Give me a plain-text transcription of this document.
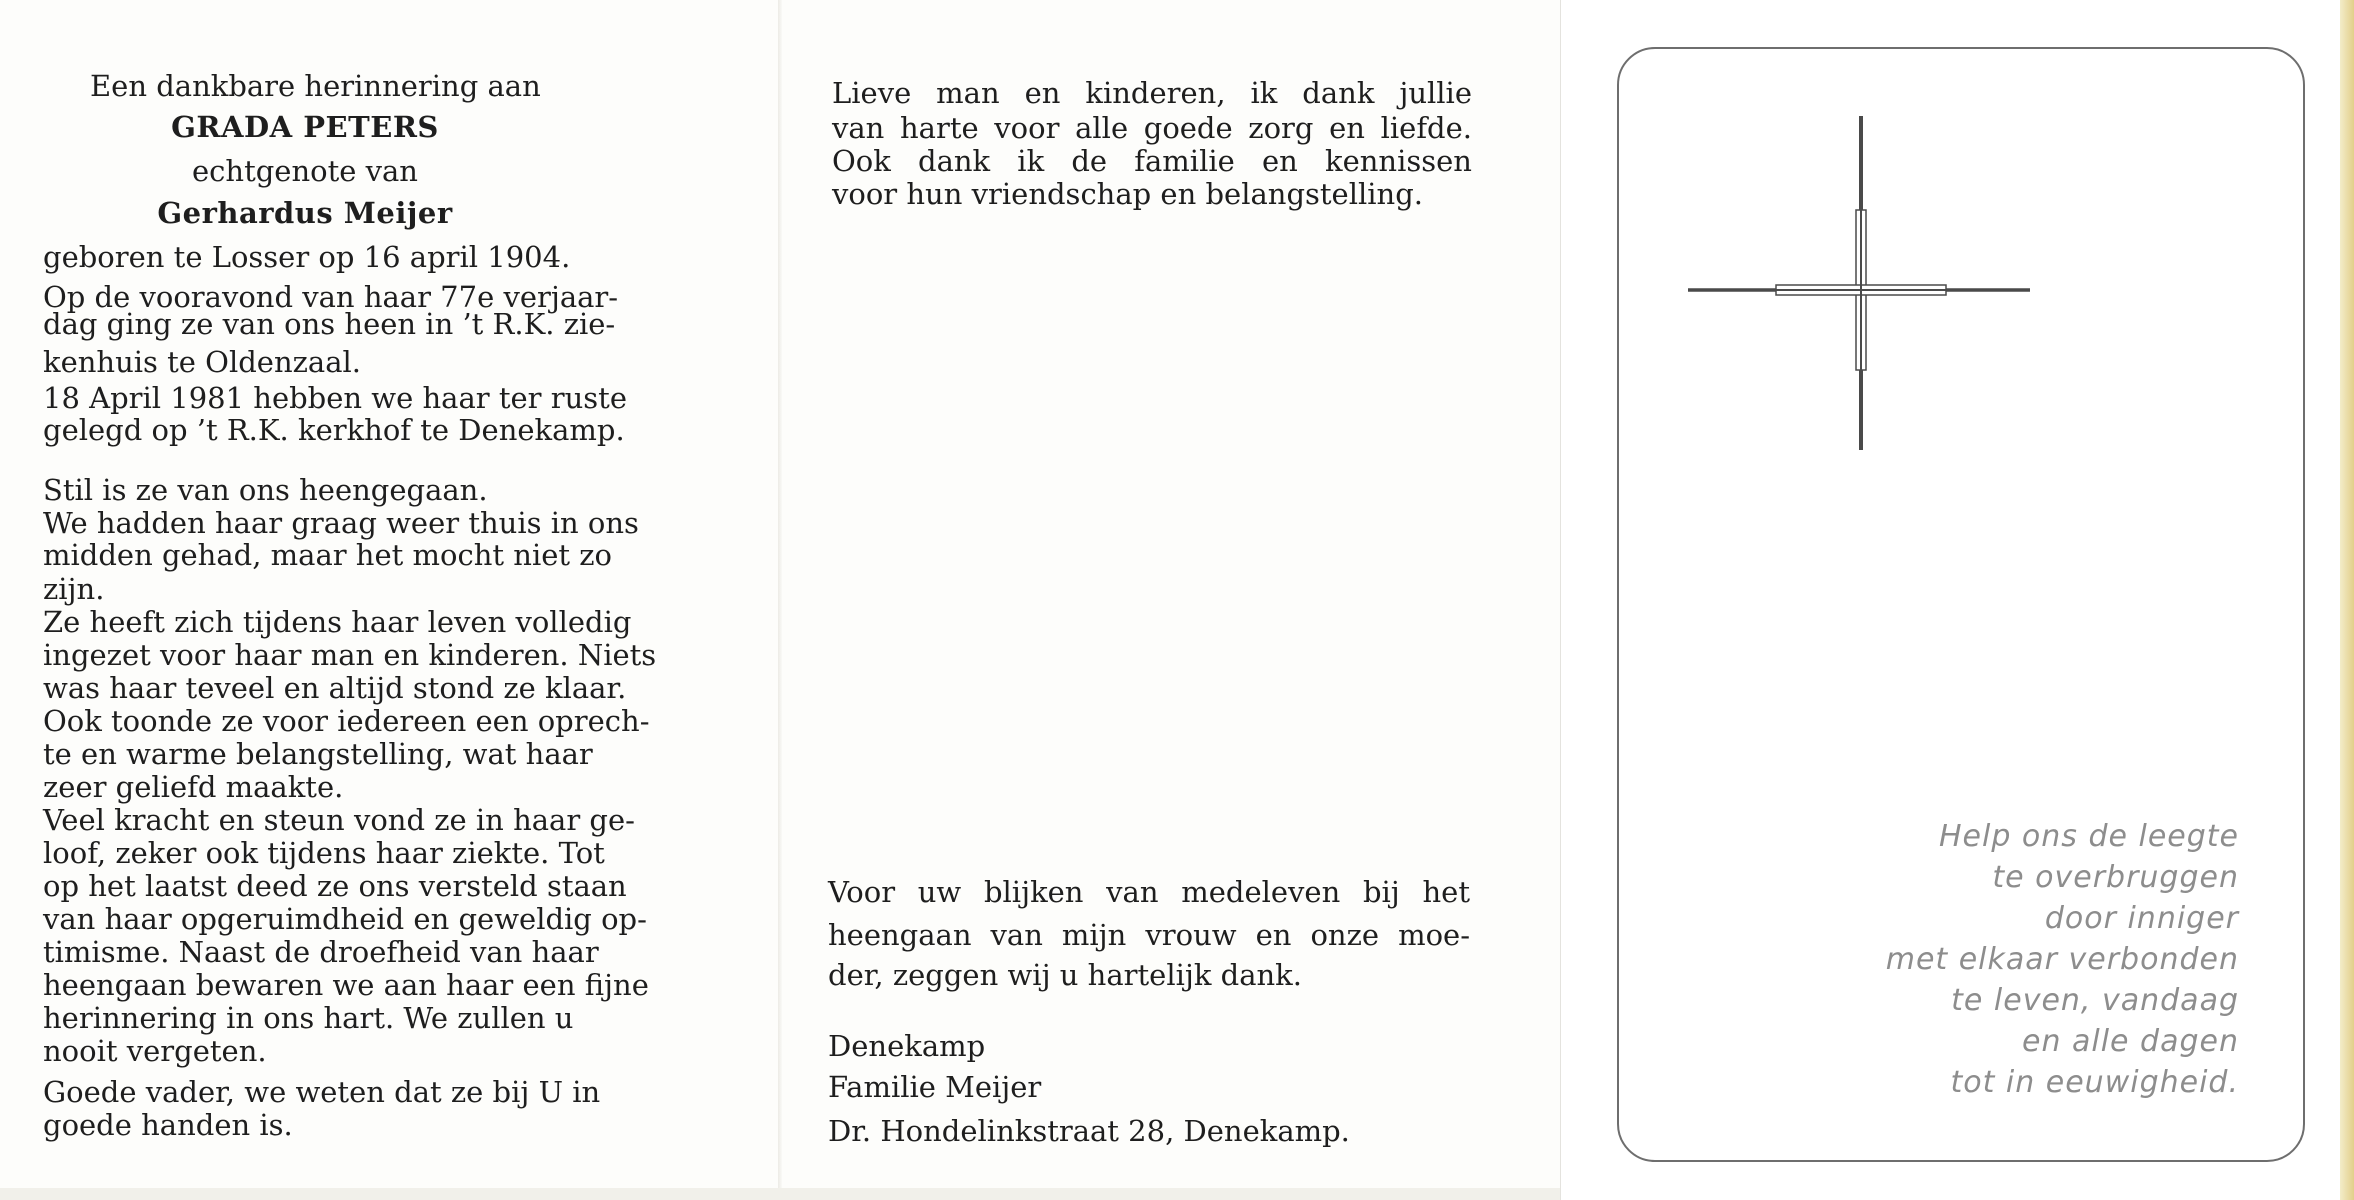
Een dankbare herinnering aan
GRADA PETERS
echtgenote van
Gerhardus Meijer
geboren te Losser op 16 april 1904.
Op de vooravond van haar 77e verjaar-
dag ging ze van ons heen in ’t R.K. zie-
kenhuis te Oldenzaal.
18 April 1981 hebben we haar ter ruste
gelegd op ’t R.K. kerkhof te Denekamp.
Stil is ze van ons heengegaan.
We hadden haar graag weer thuis in ons
midden gehad, maar het mocht niet zo
zijn.
Ze heeft zich tijdens haar leven volledig
ingezet voor haar man en kinderen. Niets
was haar teveel en altijd stond ze klaar.
Ook toonde ze voor iedereen een oprech-
te en warme belangstelling, wat haar
zeer geliefd maakte.
Veel kracht en steun vond ze in haar ge-
loof, zeker ook tijdens haar ziekte. Tot
op het laatst deed ze ons versteld staan
van haar opgeruimdheid en geweldig op-
timisme. Naast de droefheid van haar
heengaan bewaren we aan haar een fijne
herinnering in ons hart. We zullen u
nooit vergeten.
Goede vader, we weten dat ze bij U in
goede handen is.
Lieve man en kinderen, ik dank jullie
van harte voor alle goede zorg en liefde.
Ook dank ik de familie en kennissen
voor hun vriendschap en belangstelling.
Voor uw blijken van medeleven bij het
heengaan van mijn vrouw en onze moe-
der, zeggen wij u hartelijk dank.
Denekamp
Familie Meijer
Dr. Hondelinkstraat 28, Denekamp.
Help ons de leegte
te overbruggen
door inniger
met elkaar verbonden
te leven, vandaag
en alle dagen
tot in eeuwigheid.
